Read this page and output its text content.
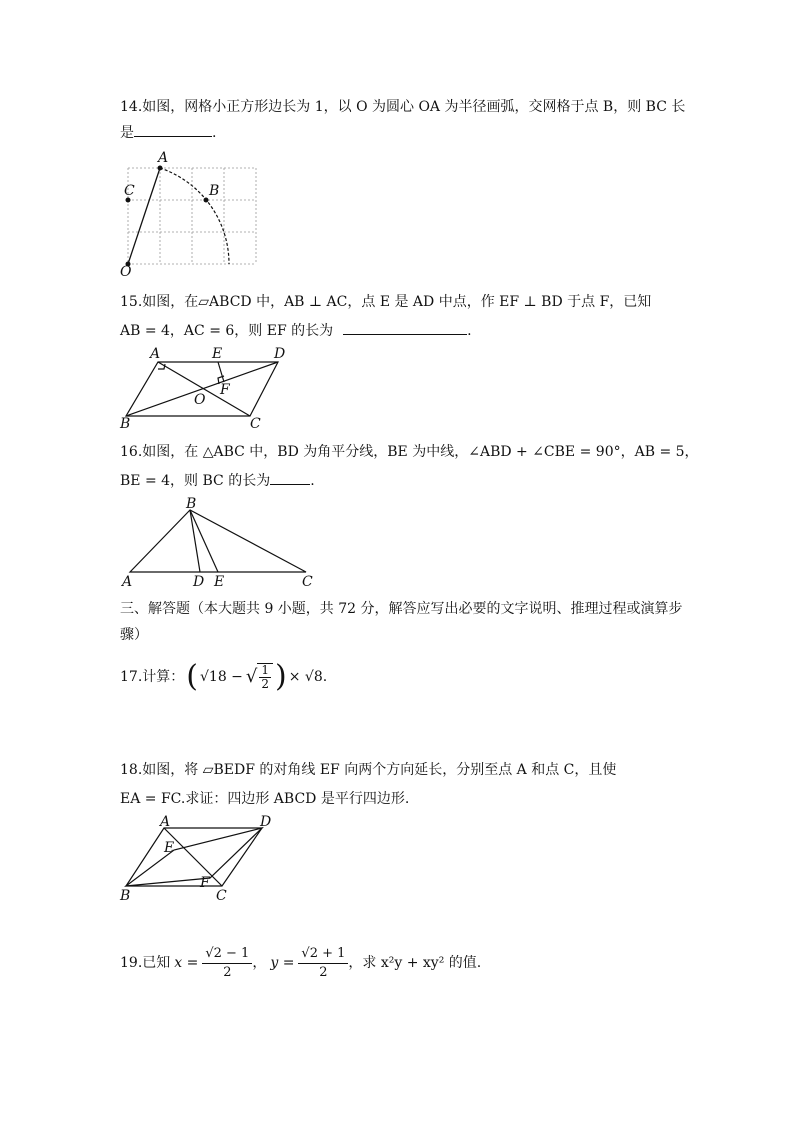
14.如图，网格小正方形边长为 1，以 O 为圆心 OA 为半径画弧，交网格于点 B，则 BC 长
是	.
A
B
C
O
15.如图，在▱ABCD 中，AB ⊥ AC，点 E 是 AD 中点，作 EF ⊥ BD 于点 F，已知
AB = 4，AC = 6，则 EF 的长为	.
A	E	D
F
O
B	C
16.如图，在 △ABC 中，BD 为角平分线，BE 为中线，∠ABD + ∠CBE = 90°，AB = 5，
BE = 4，则 BC 的长为	.
B
A	D E	C
三、解答题（本大题共 9 小题，共 72 分，解答应写出必要的文字说明、推理过程或演算步
骤）
17.计算： ( √18 − √ $\frac{1}{2}$ ) × √8 .
18.如图，将 ▱BEDF 的对角线 EF 向两个方向延长，分别至点 A 和点 C，且使
EA = FC.求证：四边形 ABCD 是平行四边形.
A	D
E
F
B	C
19.已知 $x = \frac{√2 - 1}{2}$ ， $y = \frac{√2 + 1}{2}$ ，求 x²y + xy² 的值.
